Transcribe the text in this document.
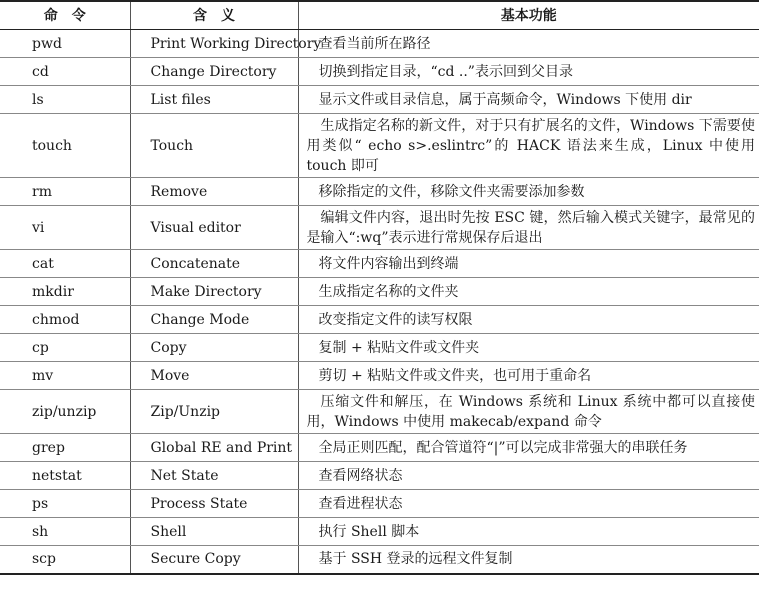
命令	含义	基本功能
pwd	Print Working Directory	查看当前所在路径

cd	Change Directory	切换到指定目录，“cd ..”表示回到父目录

ls	List files	显示文件或目录信息，属于高频命令，Windows 下使用 dir

touch	Touch	生成指定名称的新文件，对于只有扩展名的文件，Windows 下需要使用类似“ echo s>.eslintrc”的 HACK 语法来生成，Linux 中使用 touch 即可

rm	Remove	移除指定的文件，移除文件夹需要添加参数

vi	Visual editor	编辑文件内容，退出时先按 ESC 键，然后输入模式关键字，最常见的是输入“:wq”表示进行常规保存后退出

cat	Concatenate	将文件内容输出到终端

mkdir	Make Directory	生成指定名称的文件夹

chmod	Change Mode	改变指定文件的读写权限

cp	Copy	复制 + 粘贴文件或文件夹

mv	Move	剪切 + 粘贴文件或文件夹，也可用于重命名

zip/unzip	Zip/Unzip	压缩文件和解压，在 Windows 系统和 Linux 系统中都可以直接使用，Windows 中使用 makecab/expand 命令

grep	Global RE and Print	全局正则匹配，配合管道符“|”可以完成非常强大的串联任务

netstat	Net State	查看网络状态

ps	Process State	查看进程状态

sh	Shell	执行 Shell 脚本

scp	Secure Copy	基于 SSH 登录的远程文件复制
